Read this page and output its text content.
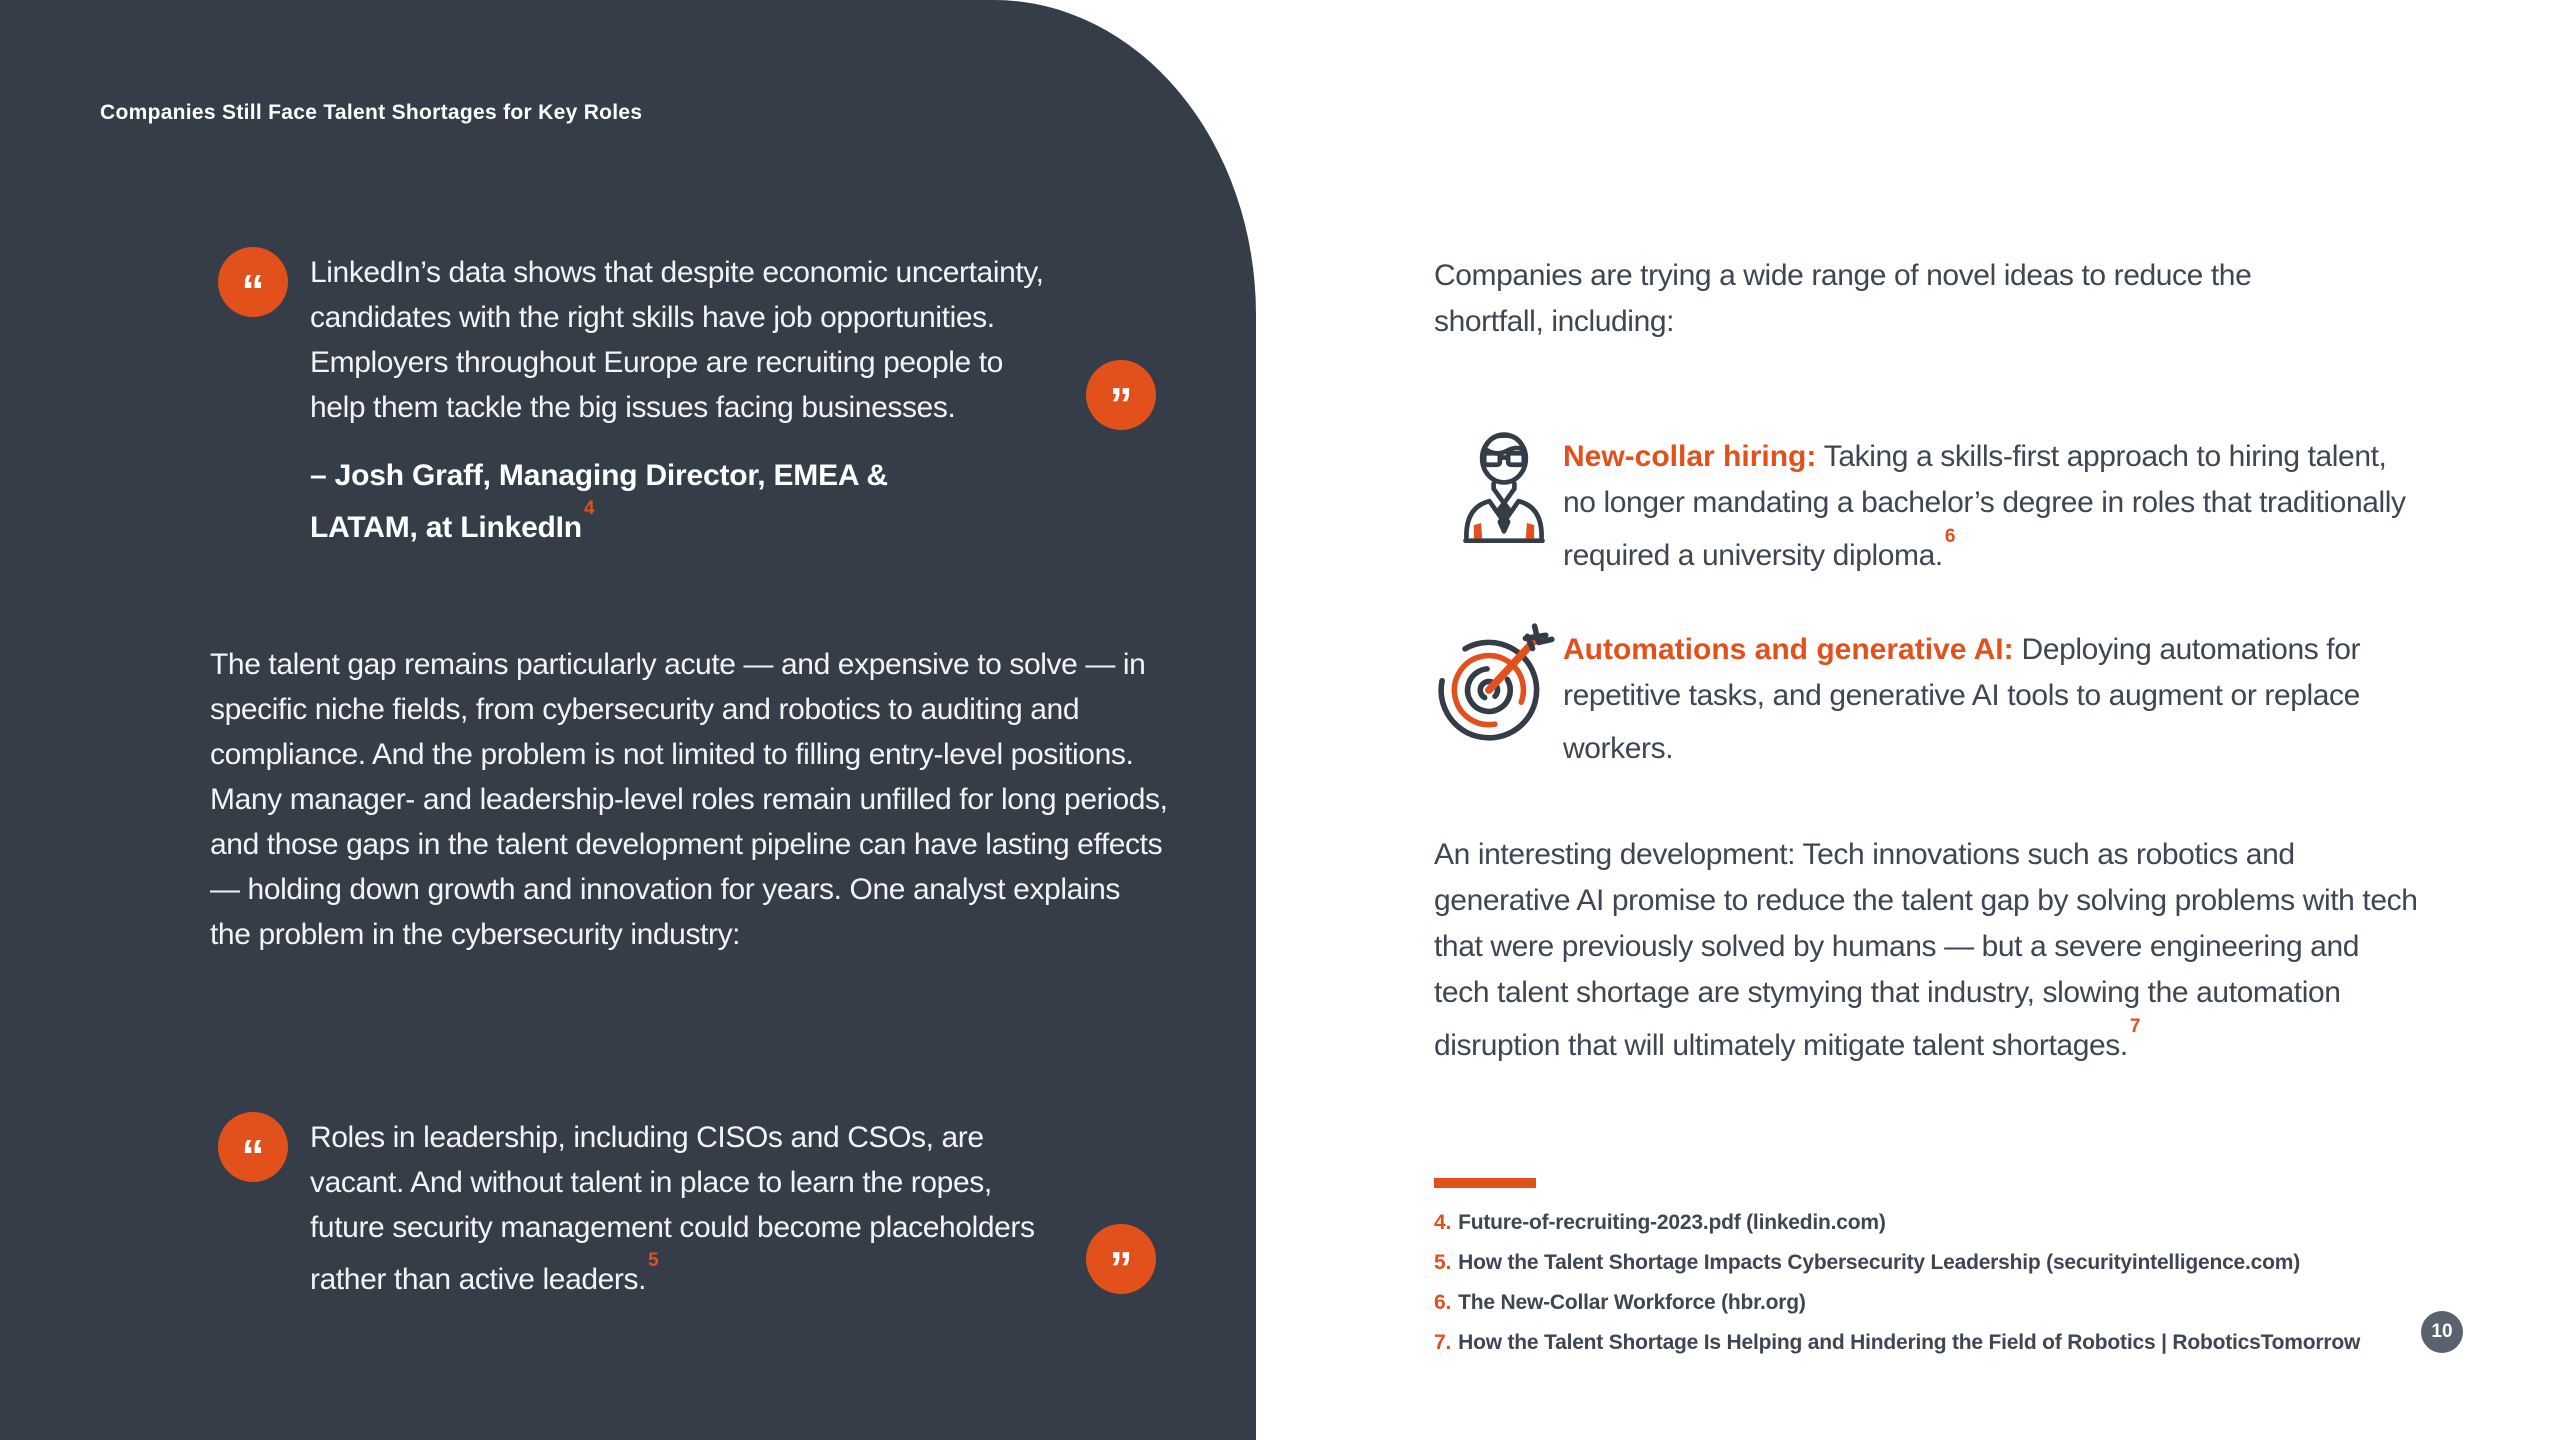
Companies Still Face Talent Shortages for Key Roles
“
”

LinkedIn’s data shows that despite economic uncertainty, candidates with the right skills have job opportunities. Employers throughout Europe are recruiting people to help them tackle the big issues facing businesses.

– Josh Graff, Managing Director, EMEA & LATAM, at LinkedIn$^4$

The talent gap remains particularly acute — and expensive to solve — in specific niche fields, from cybersecurity and robotics to auditing and compliance. And the problem is not limited to filling entry-level positions. Many manager- and leadership-level roles remain unfilled for long periods, and those gaps in the talent development pipeline can have lasting effects — holding down growth and innovation for years. One analyst explains the problem in the cybersecurity industry:

“
”

Roles in leadership, including CISOs and CSOs, are vacant. And without talent in place to learn the ropes, future security management could become placeholders rather than active leaders.$^5$

Companies are trying a wide range of novel ideas to reduce the shortfall, including:

New-collar hiring: Taking a skills-first approach to hiring talent, no longer mandating a bachelor’s degree in roles that traditionally required a university diploma.$^6$

Automations and generative AI: Deploying automations for repetitive tasks, and generative AI tools to augment or replace workers.

An interesting development: Tech innovations such as robotics and generative AI promise to reduce the talent gap by solving problems with tech that were previously solved by humans — but a severe engineering and tech talent shortage are stymying that industry, slowing the automation disruption that will ultimately mitigate talent shortages.$^7$

4. Future-of-recruiting-2023.pdf (linkedin.com)
5. How the Talent Shortage Impacts Cybersecurity Leadership (securityintelligence.com)
6. The New-Collar Workforce (hbr.org)
7. How the Talent Shortage Is Helping and Hindering the Field of Robotics | RoboticsTomorrow	10
